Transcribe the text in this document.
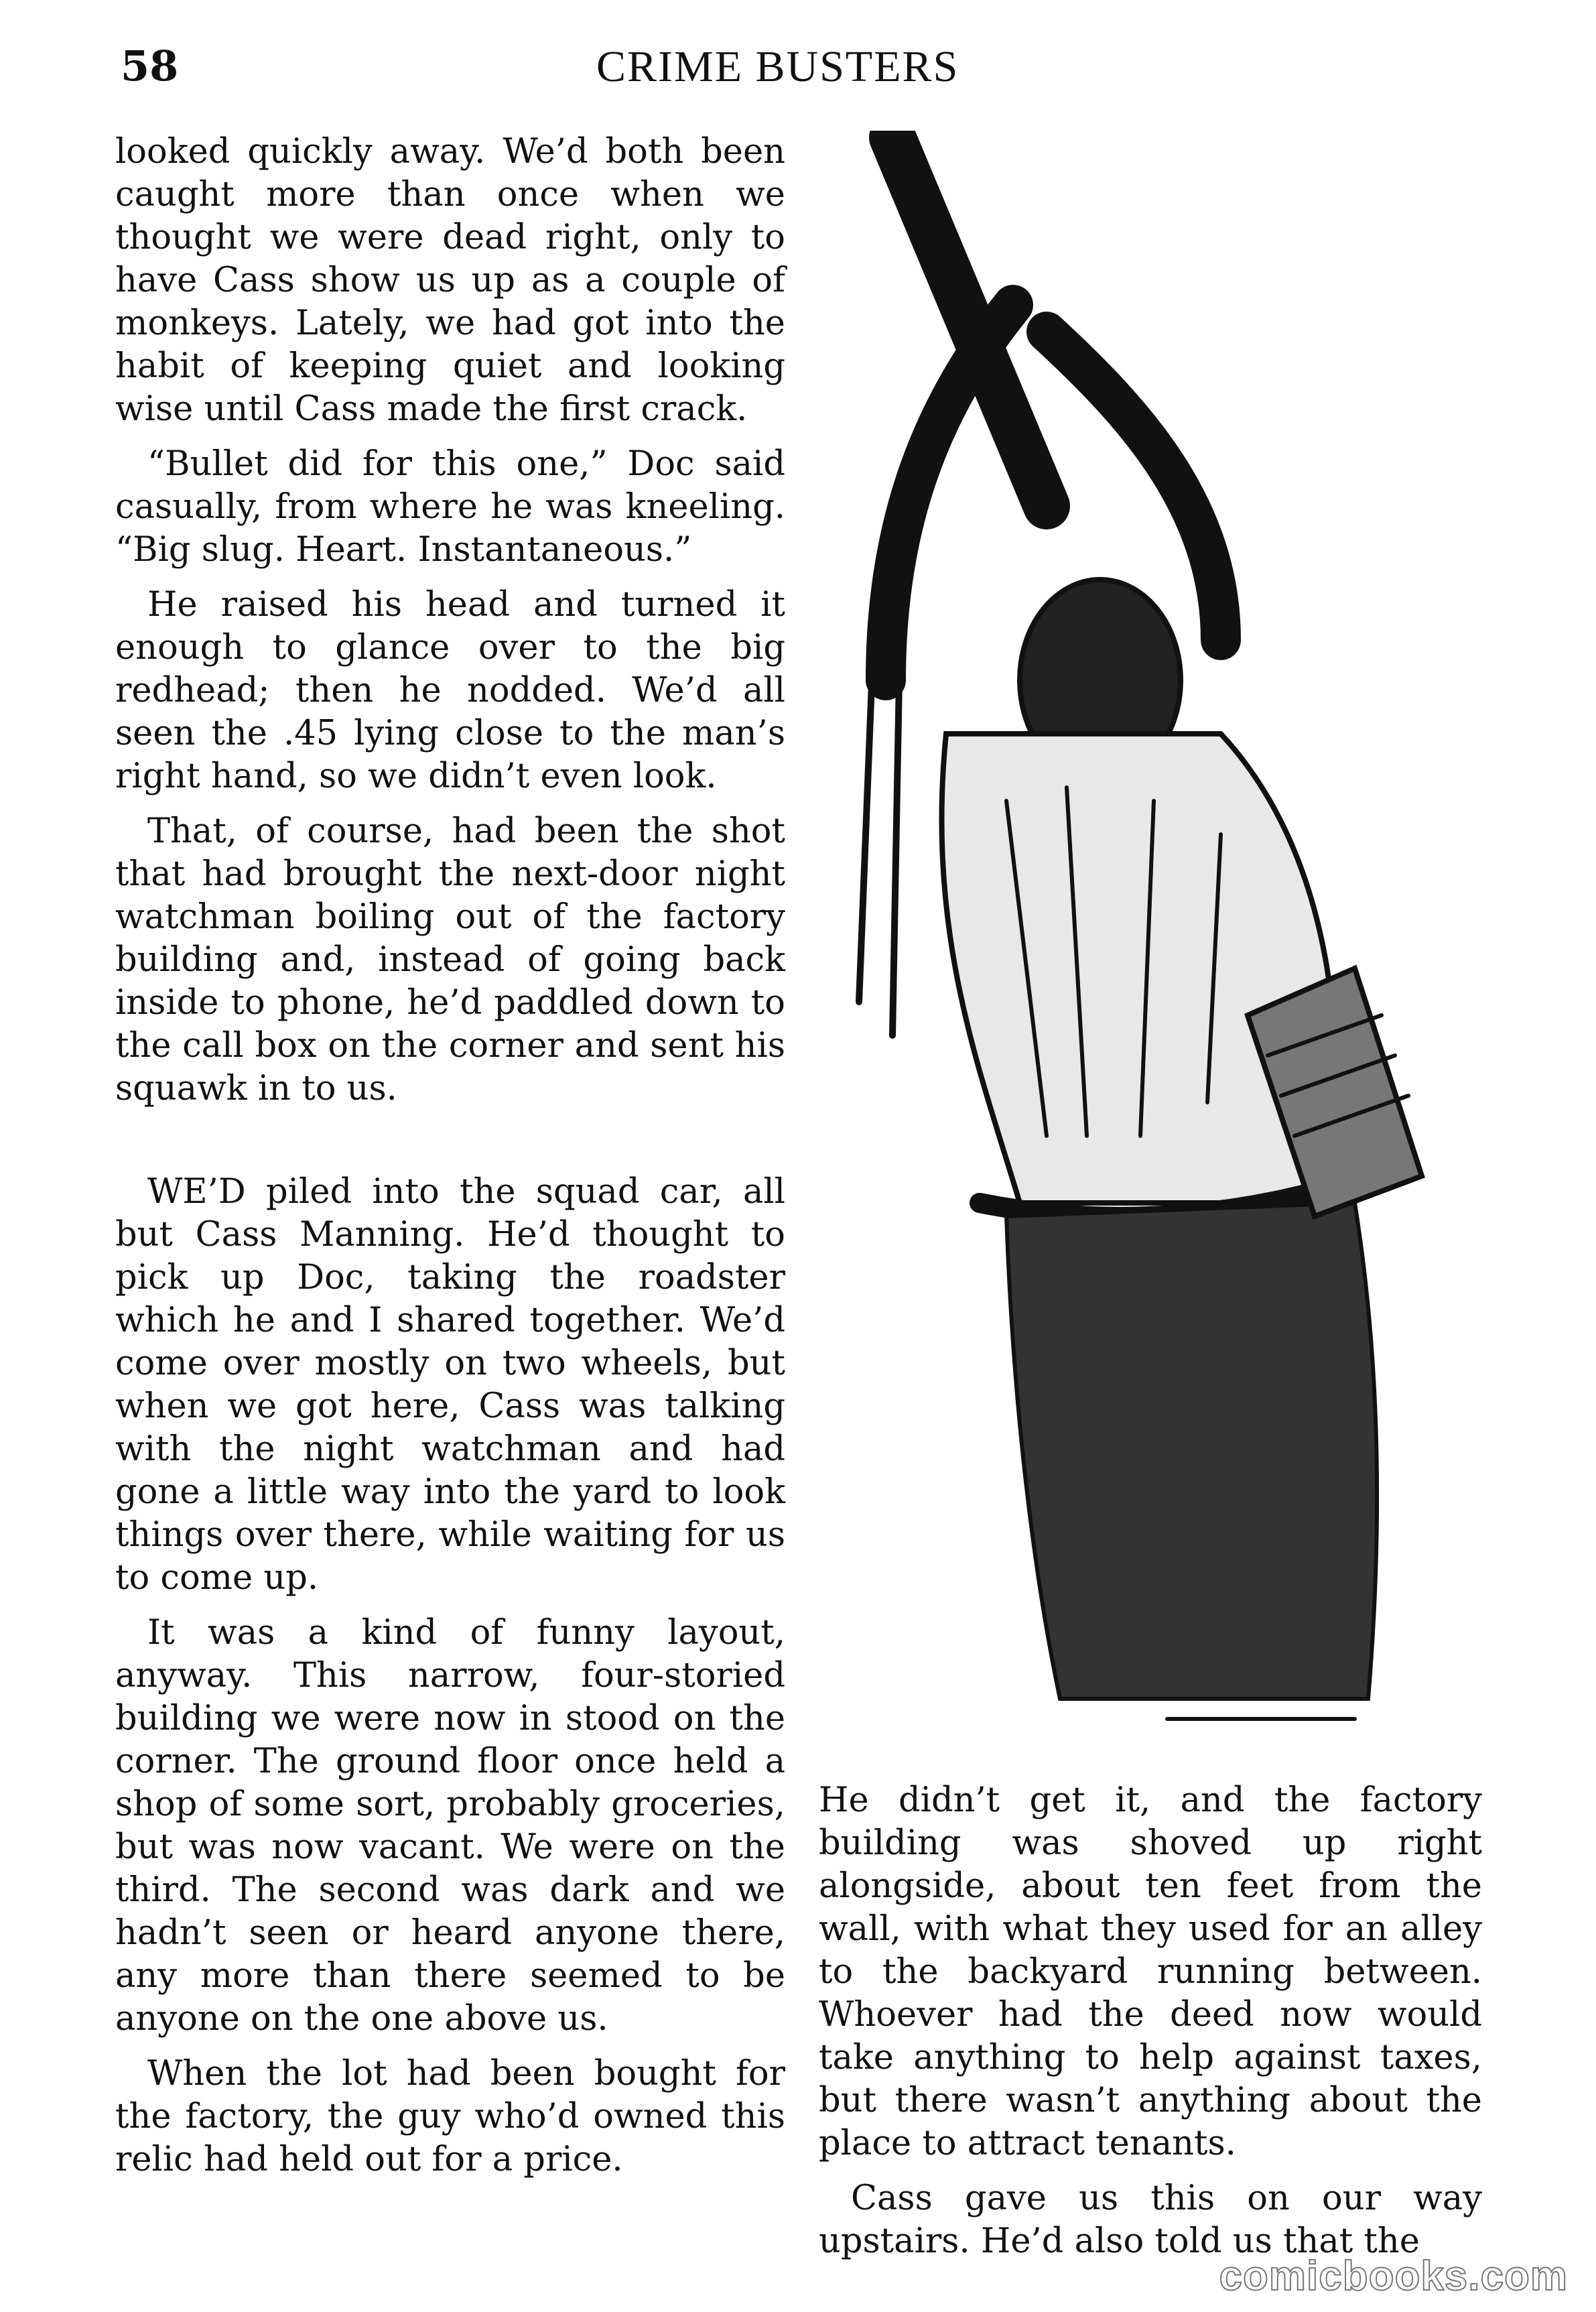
58	CRIME BUSTERS

looked quickly away. We’d both been caught more than once when we thought we were dead right, only to have Cass show us up as a couple of monkeys. Lately, we had got into the habit of keeping quiet and looking wise until Cass made the first crack.

“Bullet did for this one,” Doc said casually, from where he was kneeling. “Big slug. Heart. Instantaneous.”

He raised his head and turned it enough to glance over to the big redhead; then he nodded. We’d all seen the .45 lying close to the man’s right hand, so we didn’t even look.

That, of course, had been the shot that had brought the next-door night watchman boiling out of the factory building and, instead of going back inside to phone, he’d paddled down to the call box on the corner and sent his squawk in to us.

WE’D piled into the squad car, all but Cass Manning. He’d thought to pick up Doc, taking the roadster which he and I shared together. We’d come over mostly on two wheels, but when we got here, Cass was talking with the night watchman and had gone a little way into the yard to look things over there, while waiting for us to come up.

It was a kind of funny layout, anyway. This narrow, four-storied building we were now in stood on the corner. The ground floor once held a shop of some sort, probably groceries, but was now vacant. We were on the third. The second was dark and we hadn’t seen or heard anyone there, any more than there seemed to be anyone on the one above us.

When the lot had been bought for the factory, the guy who’d owned this relic had held out for a price.

He didn’t get it, and the factory building was shoved up right alongside, about ten feet from the wall, with what they used for an alley to the backyard running between. Whoever had the deed now would take anything to help against taxes, but there wasn’t anything about the place to attract tenants.

Cass gave us this on our way upstairs. He’d also told us that the

comicbooks.com
